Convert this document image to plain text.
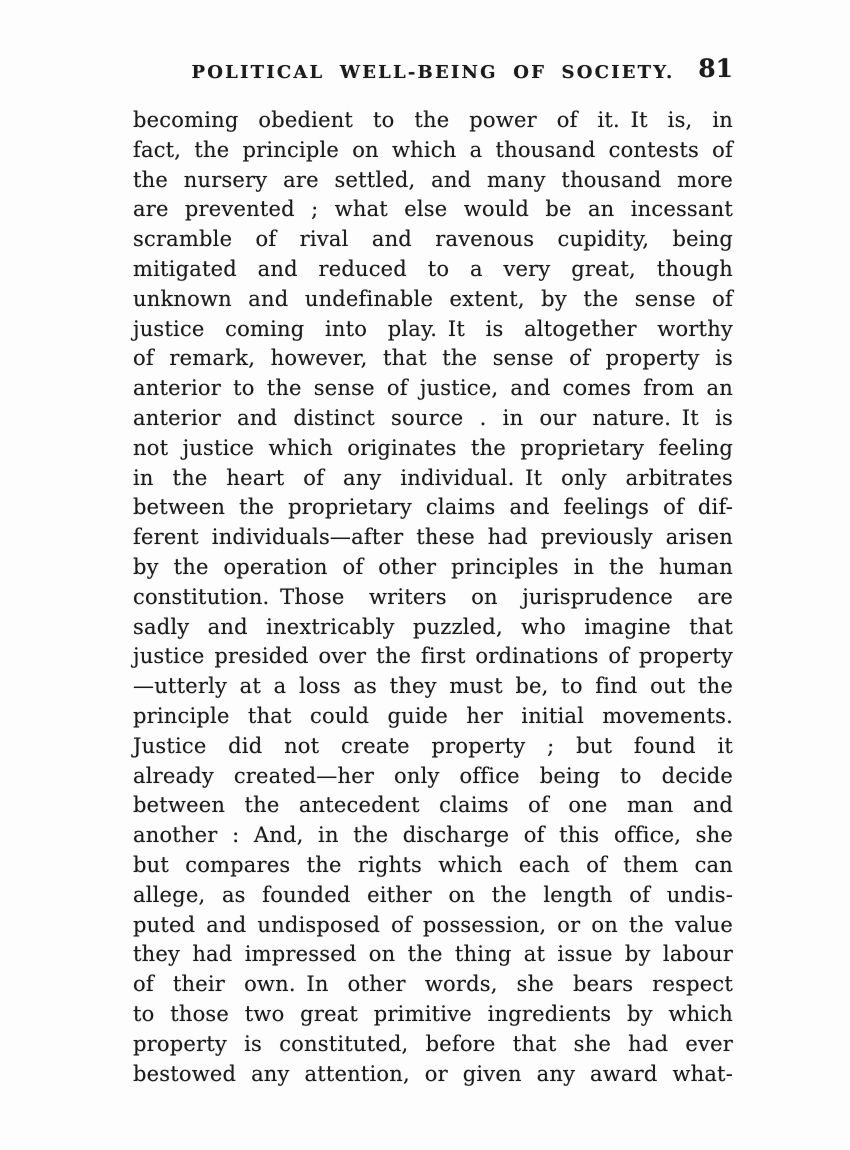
POLITICAL WELL-BEING OF SOCIETY. 81
becoming obedient to the power of it. It is, in
fact, the principle on which a thousand contests of
the nursery are settled, and many thousand more
are prevented ; what else would be an incessant
scramble of rival and ravenous cupidity, being
mitigated and reduced to a very great, though
unknown and undefinable extent, by the sense of
justice coming into play. It is altogether worthy
of remark, however, that the sense of property is
anterior to the sense of justice, and comes from an
anterior and distinct source . in our nature. It is
not justice which originates the proprietary feeling
in the heart of any individual. It only arbitrates
between the proprietary claims and feelings of dif-
ferent individuals—after these had previously arisen
by the operation of other principles in the human
constitution. Those writers on jurisprudence are
sadly and inextricably puzzled, who imagine that
justice presided over the first ordinations of property
—utterly at a loss as they must be, to find out the
principle that could guide her initial movements.
Justice did not create property ; but found it
already created—her only office being to decide
between the antecedent claims of one man and
another : And, in the discharge of this office, she
but compares the rights which each of them can
allege, as founded either on the length of undis-
puted and undisposed of possession, or on the value
they had impressed on the thing at issue by labour
of their own. In other words, she bears respect
to those two great primitive ingredients by which
property is constituted, before that she had ever
bestowed any attention, or given any award what-
